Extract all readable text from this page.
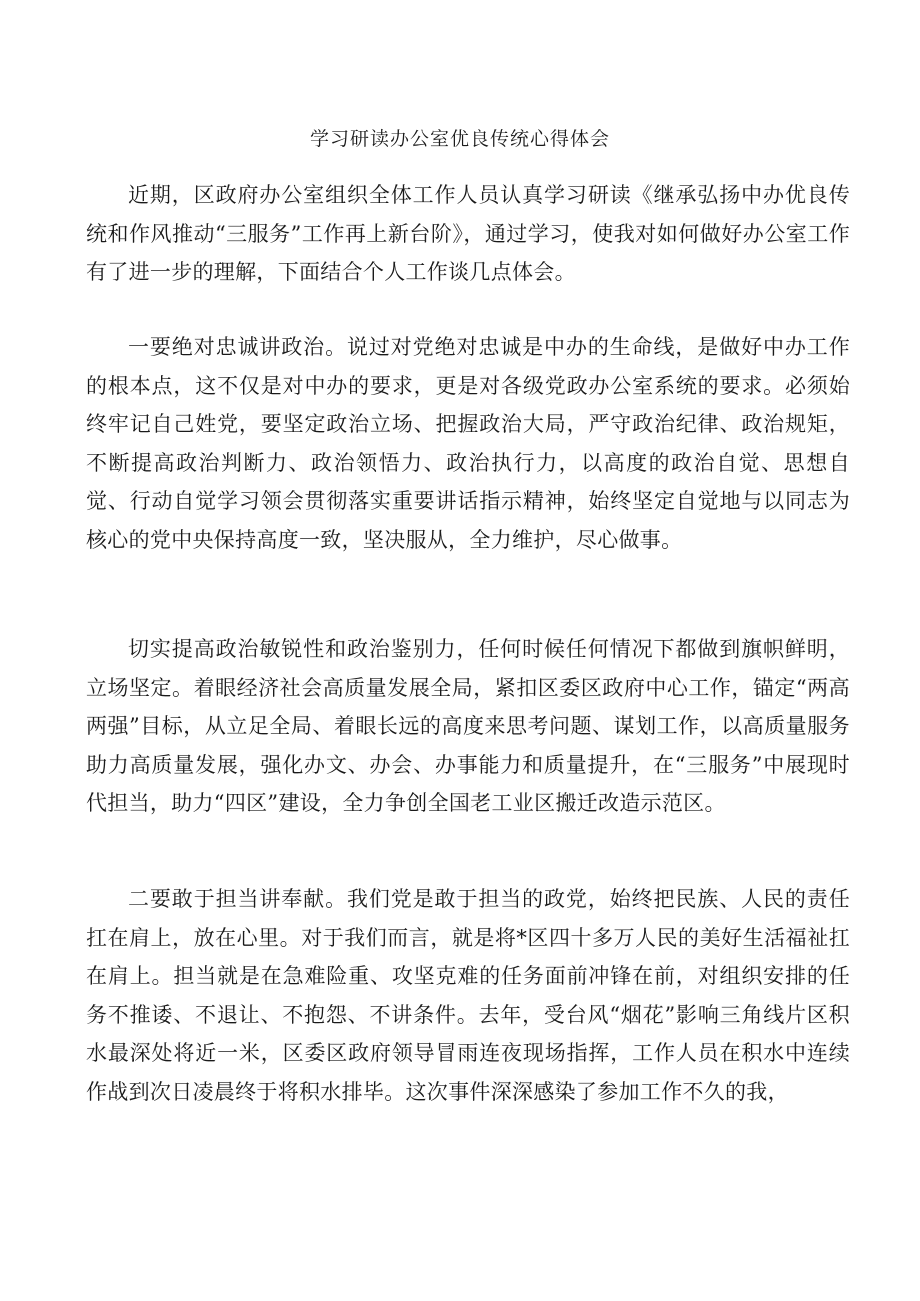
学习研读办公室优良传统心得体会

近期，区政府办公室组织全体工作人员认真学习研读《继承弘扬中办优良传统和作风推动“三服务”工作再上新台阶》，通过学习，使我对如何做好办公室工作有了进一步的理解，下面结合个人工作谈几点体会。

一要绝对忠诚讲政治。说过对党绝对忠诚是中办的生命线，是做好中办工作的根本点，这不仅是对中办的要求，更是对各级党政办公室系统的要求。必须始终牢记自己姓党，要坚定政治立场、把握政治大局，严守政治纪律、政治规矩，不断提高政治判断力、政治领悟力、政治执行力，以高度的政治自觉、思想自觉、行动自觉学习领会贯彻落实重要讲话指示精神，始终坚定自觉地与以同志为核心的党中央保持高度一致，坚决服从，全力维护，尽心做事。

切实提高政治敏锐性和政治鉴别力，任何时候任何情况下都做到旗帜鲜明，立场坚定。着眼经济社会高质量发展全局，紧扣区委区政府中心工作，锚定“两高两强”目标，从立足全局、着眼长远的高度来思考问题、谋划工作，以高质量服务助力高质量发展，强化办文、办会、办事能力和质量提升，在“三服务”中展现时代担当，助力“四区”建设，全力争创全国老工业区搬迁改造示范区。

二要敢于担当讲奉献。我们党是敢于担当的政党，始终把民族、人民的责任扛在肩上，放在心里。对于我们而言，就是将*区四十多万人民的美好生活福祉扛在肩上。担当就是在急难险重、攻坚克难的任务面前冲锋在前，对组织安排的任务不推诿、不退让、不抱怨、不讲条件。去年，受台风“烟花”影响三角线片区积水最深处将近一米，区委区政府领导冒雨连夜现场指挥，工作人员在积水中连续作战到次日凌晨终于将积水排毕。这次事件深深感染了参加工作不久的我，
